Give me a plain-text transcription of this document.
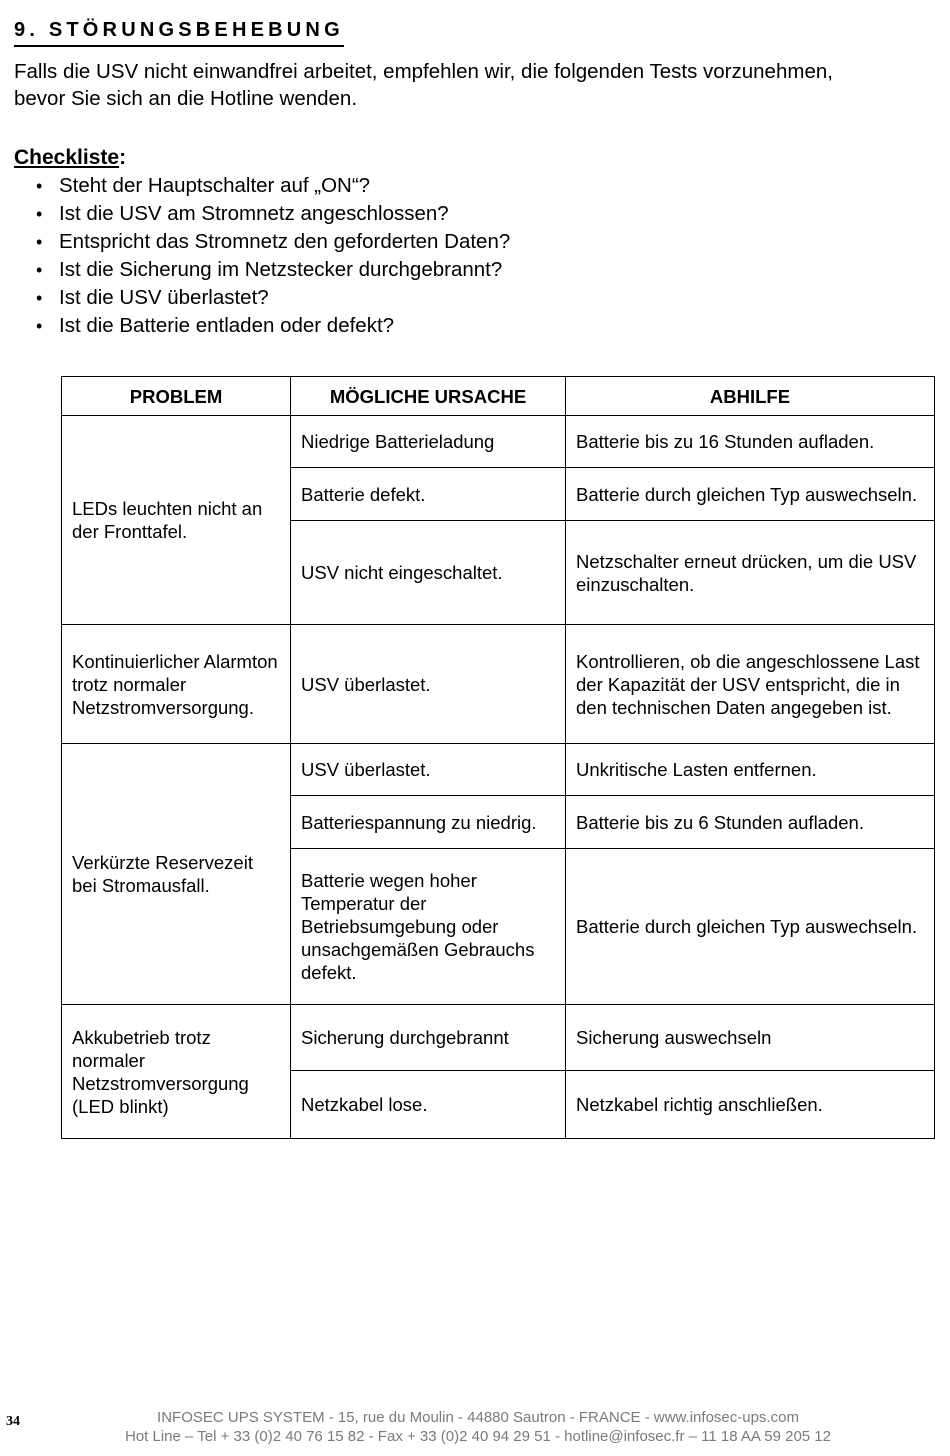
9. STÖRUNGSBEHEBUNG
Falls die USV nicht einwandfrei arbeitet, empfehlen wir, die folgenden Tests vorzunehmen,
bevor Sie sich an die Hotline wenden.
Checkliste:
• Steht der Hauptschalter auf „ON“?
• Ist die USV am Stromnetz angeschlossen?
• Entspricht das Stromnetz den geforderten Daten?
• Ist die Sicherung im Netzstecker durchgebrannt?
• Ist die USV überlastet?
• Ist die Batterie entladen oder defekt?
PROBLEM	MÖGLICHE URSACHE	ABHILFE
LEDs leuchten nicht an der Fronttafel.	Niedrige Batterieladung	Batterie bis zu 16 Stunden aufladen.
	Batterie defekt.	Batterie durch gleichen Typ auswechseln.
	USV nicht eingeschaltet.	Netzschalter erneut drücken, um die USV einzuschalten.
Kontinuierlicher Alarmton trotz normaler Netzstromversorgung.	USV überlastet.	Kontrollieren, ob die angeschlossene Last der Kapazität der USV entspricht, die in den technischen Daten angegeben ist.
Verkürzte Reservezeit bei Stromausfall.	USV überlastet.	Unkritische Lasten entfernen.
	Batteriespannung zu niedrig.	Batterie bis zu 6 Stunden aufladen.
	Batterie wegen hoher Temperatur der Betriebsumgebung oder unsachgemäßen Gebrauchs defekt.	Batterie durch gleichen Typ auswechseln.
Akkubetrieb trotz normaler Netzstromversorgung (LED blinkt)	Sicherung durchgebrannt	Sicherung auswechseln
	Netzkabel lose.	Netzkabel richtig anschließen.
34	INFOSEC UPS SYSTEM - 15, rue du Moulin - 44880 Sautron - FRANCE - www.infosec-ups.com
Hot Line – Tel + 33 (0)2 40 76 15 82 - Fax + 33 (0)2 40 94 29 51 - hotline@infosec.fr – 11 18 AA 59 205 12
